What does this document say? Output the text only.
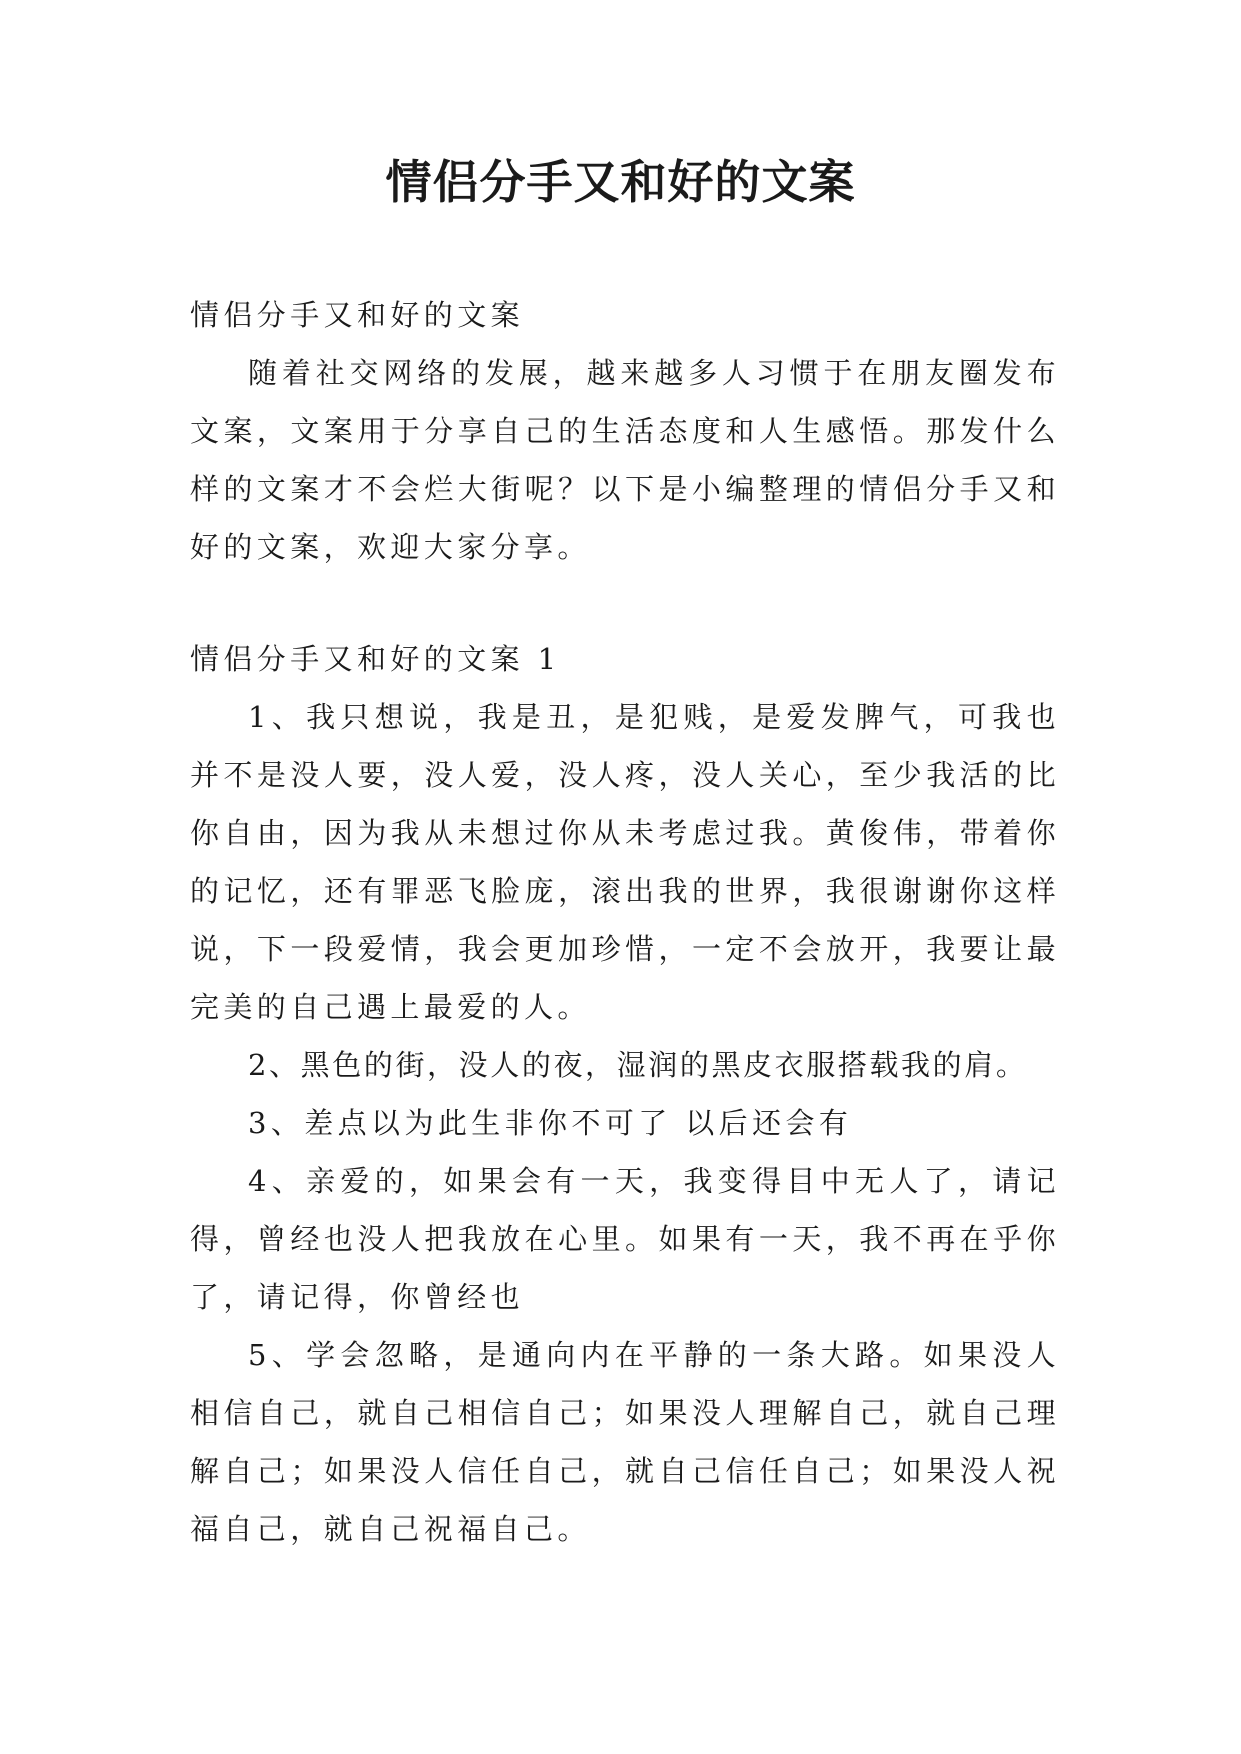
情侣分手又和好的文案

情侣分手又和好的文案

随着社交网络的发展，越来越多人习惯于在朋友圈发布文案，文案用于分享自己的生活态度和人生感悟。那发什么样的文案才不会烂大街呢？以下是小编整理的情侣分手又和好的文案，欢迎大家分享。

情侣分手又和好的文案 1

1、我只想说，我是丑，是犯贱，是爱发脾气，可我也并不是没人要，没人爱，没人疼，没人关心，至少我活的比你自由，因为我从未想过你从未考虑过我。黄俊伟，带着你的记忆，还有罪恶飞脸庞，滚出我的世界，我很谢谢你这样说，下一段爱情，我会更加珍惜，一定不会放开，我要让最完美的自己遇上最爱的人。

2、黑色的街，没人的夜，湿润的黑皮衣服搭载我的肩。

3、差点以为此生非你不可了 以后还会有

4、亲爱的，如果会有一天，我变得目中无人了，请记得，曾经也没人把我放在心里。如果有一天，我不再在乎你了，请记得，你曾经也

5、学会忽略，是通向内在平静的一条大路。如果没人相信自己，就自己相信自己；如果没人理解自己，就自己理解自己；如果没人信任自己，就自己信任自己；如果没人祝福自己，就自己祝福自己。
